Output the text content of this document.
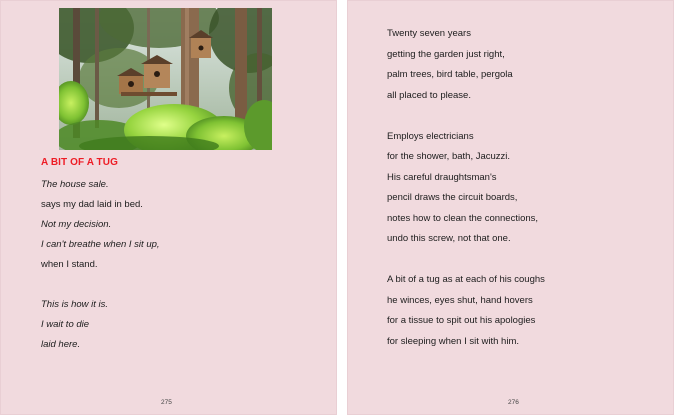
A BIT OF A TUG
The house sale.
says my dad laid in bed.
Not my decision.
I can't breathe when I sit up,
when I stand.
This is how it is.
I wait to die
laid here.
275
Twenty seven years
getting the garden just right,
palm trees, bird table, pergola
all placed to please.
Employs electricians
for the shower, bath, Jacuzzi.
His careful draughtsman's
pencil draws the circuit boards,
notes how to clean the connections,
undo this screw, not that one.
A bit of a tug as at each of his coughs
he winces, eyes shut, hand hovers
for a tissue to spit out his apologies
for sleeping when I sit with him.
276
